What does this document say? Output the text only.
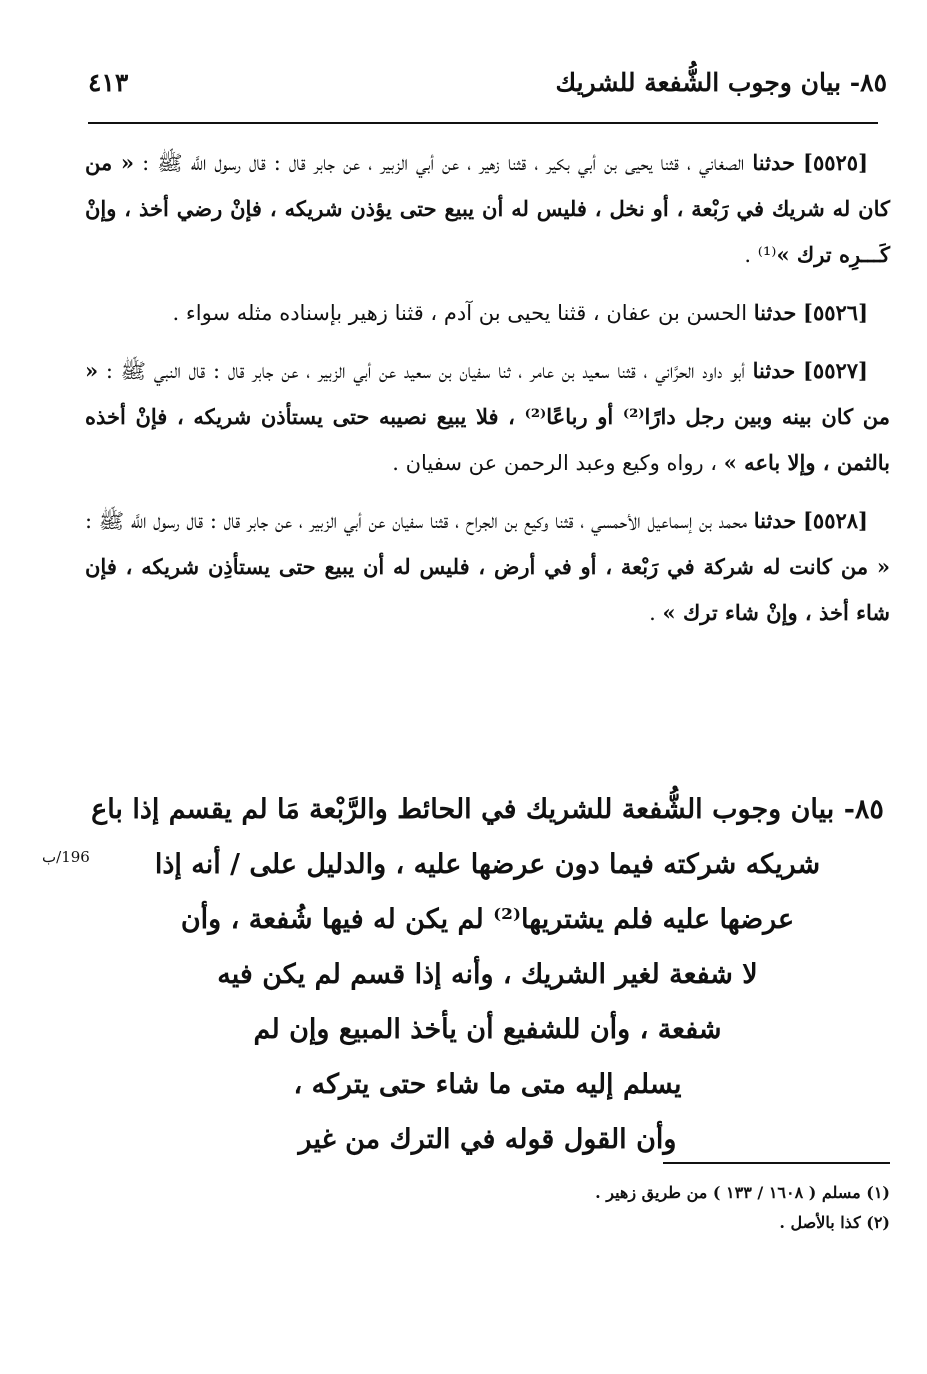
٨٥- بيان وجوب الشُّفعة للشريك
٤١٣

[٥٥٢٥] حدثنا الصغاني ، قثنا يحيى بن أبي بكير ، قثنا زهير ، عن أبي الزبير ، عن جابر قال : قال رسول اللَّه ﷺ : « من كان له شريك في رَبْعة ، أو نخل ، فليس له أن يبيع حتى يؤذن شريكه ، فإنْ رضي أخذ ، وإنْ كَـــرِه ترك »⁽¹⁾ .

[٥٥٢٦] حدثنا الحسن بن عفان ، قثنا يحيى بن آدم ، قثنا زهير بإسناده مثله سواء .

[٥٥٢٧] حدثنا أبو داود الحرَّاني ، قثنا سعيد بن عامر ، ثنا سفيان بن سعيد عن أبي الزبير ، عن جابر قال : قال النبي ﷺ : « من كان بينه وبين رجل دارًا⁽²⁾ أو رباعًا⁽²⁾ ، فلا يبيع نصيبه حتى يستأذن شريكه ، فإنْ أخذه بالثمن ، وإلا باعه » ، رواه وكيع وعبد الرحمن عن سفيان .

[٥٥٢٨] حدثنا محمد بن إسماعيل الأحمسي ، قثنا وكيع بن الجراح ، قثنا سفيان عن أبي الزبير ، عن جابر قال : قال رسول اللَّه ﷺ : « من كانت له شركة في رَبْعة ، أو في أرض ، فليس له أن يبيع حتى يستأذِن شريكه ، فإن شاء أخذ ، وإنْ شاء ترك » .

٨٥- بيان وجوب الشُّفعة للشريك في الحائط والرَّبْعة مَا لم يقسم إذا باع
شريكه شركته فيما دون عرضها عليه ، والدليل على / أنه إذا
عرضها عليه فلم يشتريها⁽²⁾ لم يكن له فيها شُفعة ، وأن
لا شفعة لغير الشريك ، وأنه إذا قسم لم يكن فيه
شفعة ، وأن للشفيع أن يأخذ المبيع وإن لم
يسلم إليه متى ما شاء حتى يتركه ،
وأن القول قوله في الترك من غير
196/ب
(١) مسلم ( ١٦٠٨ / ١٣٣ ) من طريق زهير .
(٢) كذا بالأصل .
